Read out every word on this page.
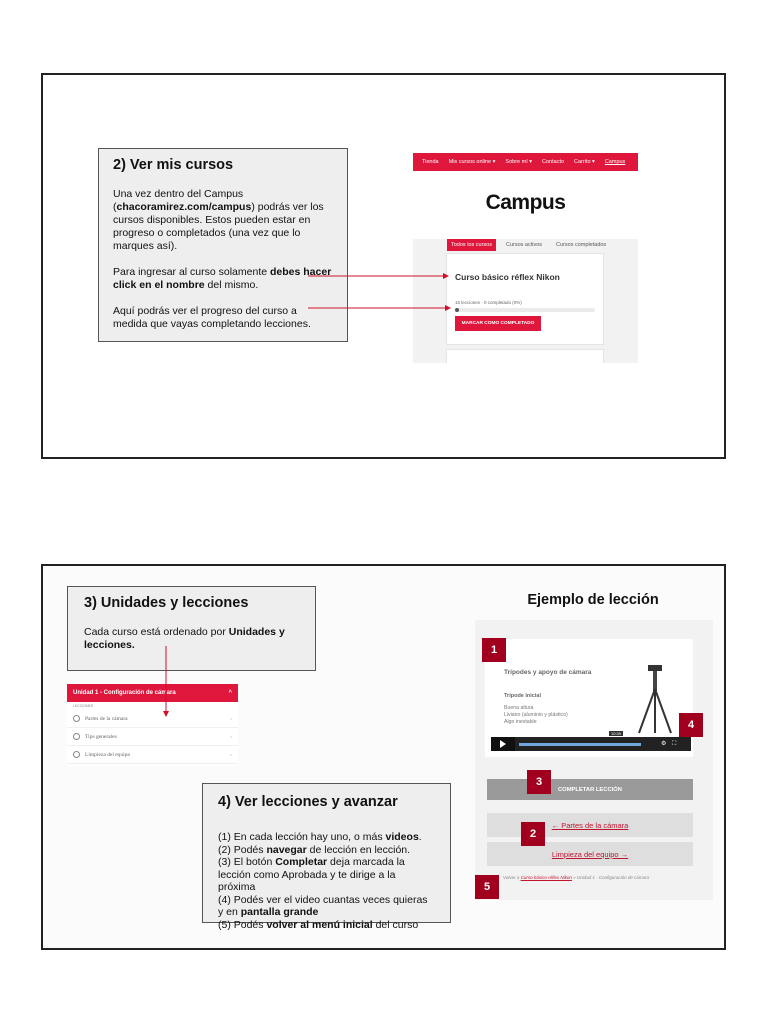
2) Ver mis cursos

Una vez dentro del Campus (chacoramirez.com/campus) podrás ver los cursos disponibles. Estos pueden estar en progreso o completados (una vez que lo marques así).

Para ingresar al curso solamente debes hacer click en el nombre del mismo.

Aquí podrás ver el progreso del curso a medida que vayas completando lecciones.

Tienda Mis cursos online ▾ Sobre mí ▾ Contacto Carrito ▾ Campus
Campus
Todos los cursos	Cursos activos	Cursos completados
Curso básico réflex Nikon
15 lecciones · 0 completado (0%)
MARCAR COMO COMPLETADO
3) Unidades y lecciones

Cada curso está ordenado por Unidades y lecciones.

Unidad 1 - Configuración de cámara	^
LECCIONES
Partes de la cámara	›
Tips generales	›
Limpieza del equipo	›
4) Ver lecciones y avanzar
(1) En cada lección hay uno, o más videos.
(2) Podés navegar de lección en lección.
(3) El botón Completar deja marcada la lección como Aprobada y te dirige a la próxima
(4) Podés ver el video cuantas veces quieras y en pantalla grande
(5) Podés volver al menú inicial del curso
Ejemplo de lección
Trípodes y apoyo de cámara
Trípode inicial
Buena altura
Liviano (aluminio y plástico)
Algo inestable
10:39
⚙ ⛶
COMPLETAR LECCIÓN
← Partes de la cámara
Limpieza del equipo →
Volver a Curso básico réflex Nikon » Unidad 1 - Configuración de cámara
1
2
3
4
5
